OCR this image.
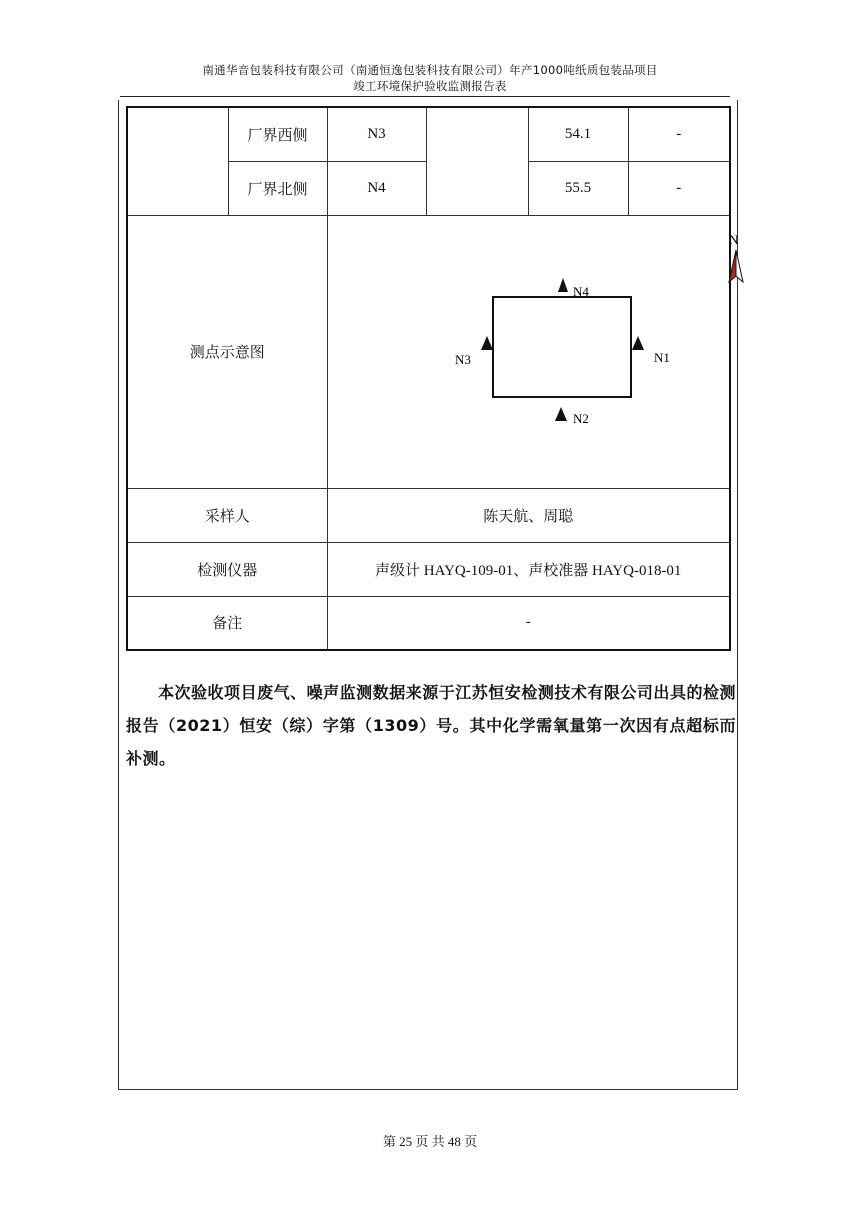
南通华音包装科技有限公司（南通恒逸包装科技有限公司）年产1000吨纸质包装品项目
竣工环境保护验收监测报告表
	厂界西侧	N3		54.1	-
	厂界北侧	N4		55.5	-
测点示意图		N4
N1
N3
N2			

采样人		陈天航、周聪			
检测仪器		声级计 HAYQ-109-01、声校准器 HAYQ-018-01			
备注		-			
N
本次验收项目废气、噪声监测数据来源于江苏恒安检测技术有限公司出具的检测报告（2021）恒安（综）字第（1309）号。其中化学需氧量第一次因有点超标而补测。
第 25 页 共 48 页
